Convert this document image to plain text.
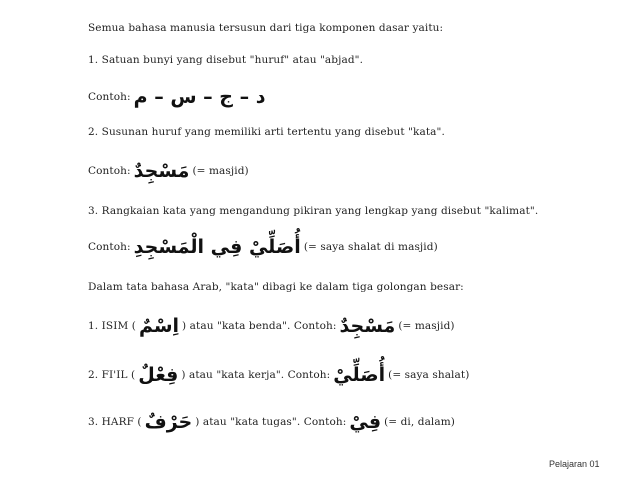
Semua bahasa manusia tersusun dari tiga komponen dasar yaitu:
1. Satuan bunyi yang disebut "huruf" atau "abjad".
Contoh: د – ج – س – م
2. Susunan huruf yang memiliki arti tertentu yang disebut "kata".
Contoh: مَسْجِدٌ (= masjid)
3. Rangkaian kata yang mengandung pikiran yang lengkap yang disebut "kalimat".
Contoh: أُصَلِّيْ فِي الْمَسْجِدِ (= saya shalat di masjid)
Dalam tata bahasa Arab, "kata" dibagi ke dalam tiga golongan besar:
1. ISIM ( اِسْمٌ ) atau "kata benda". Contoh: مَسْجِدٌ (= masjid)
2. FI'IL ( فِعْلٌ ) atau "kata kerja". Contoh: أُصَلِّيْ (= saya shalat)
3. HARF ( حَرْفٌ ) atau "kata tugas". Contoh: فِيْ (= di, dalam)
Pelajaran 01
